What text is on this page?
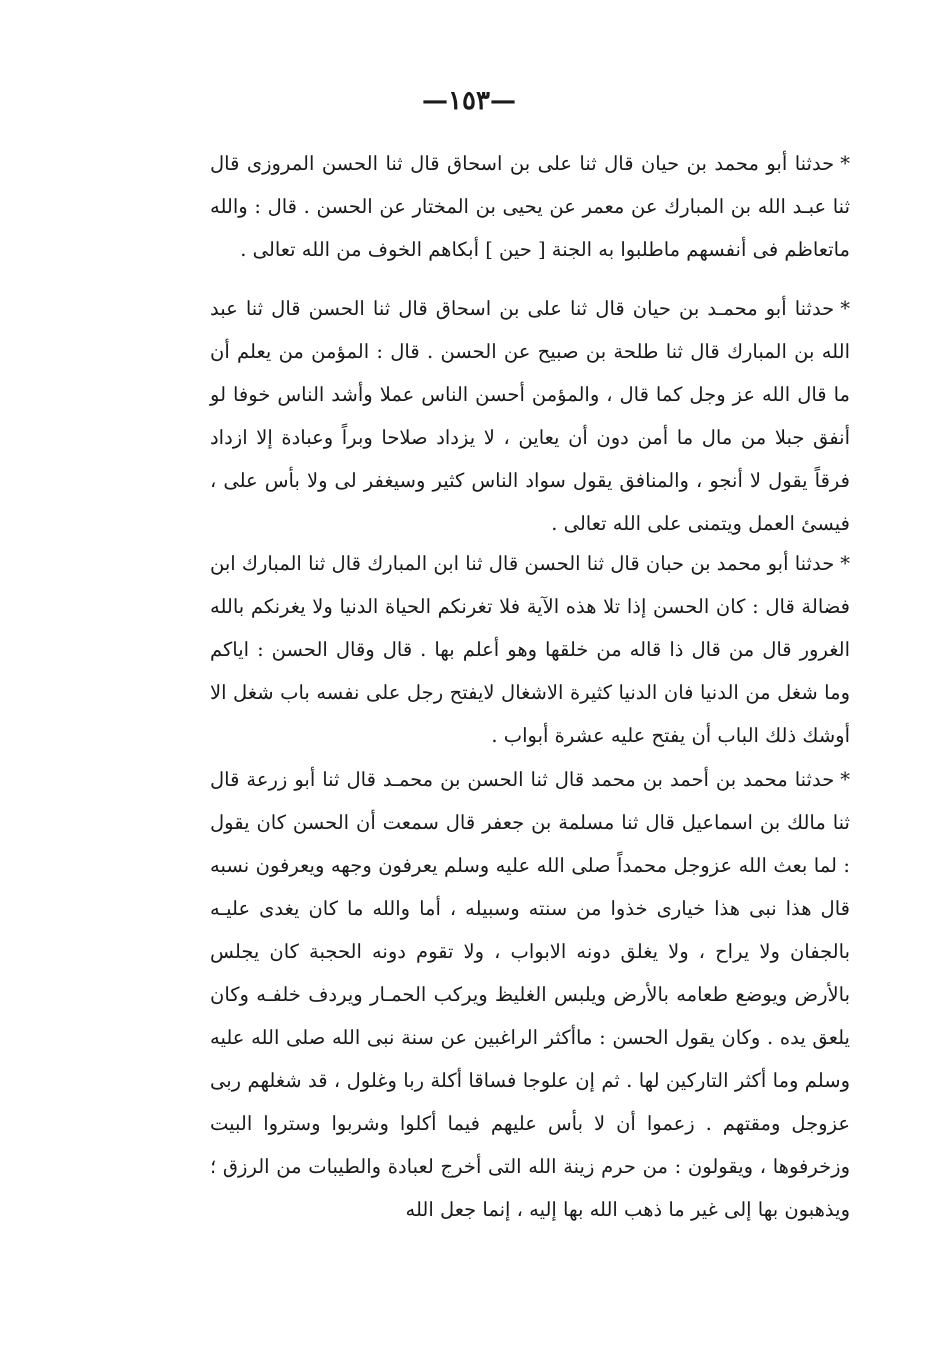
—١٥٣—

*حدثنا أبو محمد بن حيان قال ثنا على بن اسحاق قال ثنا الحسن المروزى قال ثنا عبـد الله بن المبارك عن معمر عن يحيى بن المختار عن الحسن . قال : والله ماتعاظم فى أنفسهم ماطلبوا به الجنة [ حين ] أبكاهم الخوف من الله تعالى .

*حدثنا أبو محمـد بن حيان قال ثنا على بن اسحاق قال ثنا الحسن قال ثنا عبد الله بن المبارك قال ثنا طلحة بن صبيح عن الحسن . قال : المؤمن من يعلم أن ما قال الله عز وجل كما قال ، والمؤمن أحسن الناس عملا وأشد الناس خوفا لو أنفق جبلا من مال ما أمن دون أن يعاين ، لا يزداد صلاحا وبراً وعبادة إلا ازداد فرقاً يقول لا أنجو ، والمنافق يقول سواد الناس كثير وسيغفر لى ولا بأس على ، فيسئ العمل ويتمنى على الله تعالى .

*حدثنا أبو محمد بن حبان قال ثنا الحسن قال ثنا ابن المبارك قال ثنا المبارك ابن فضالة قال : كان الحسن إذا تلا هذه الآية فلا تغرنكم الحياة الدنيا ولا يغرنكم بالله الغرور قال من قال ذا قاله من خلقها وهو أعلم بها . قال وقال الحسن : اياكم وما شغل من الدنيا فان الدنيا كثيرة الاشغال لايفتح رجل على نفسه باب شغل الا أوشك ذلك الباب أن يفتح عليه عشرة أبواب .

*حدثنا محمد بن أحمد بن محمد قال ثنا الحسن بن محمـد قال ثنا أبو زرعة قال ثنا مالك بن اسماعيل قال ثنا مسلمة بن جعفر قال سمعت أن الحسن كان يقول : لما بعث الله عزوجل محمداً صلى الله عليه وسلم يعرفون وجهه ويعرفون نسبه قال هذا نبى هذا خيارى خذوا من سنته وسبيله ، أما والله ما كان يغدى عليـه بالجفان ولا يراح ، ولا يغلق دونه الابواب ، ولا تقوم دونه الحجبة كان يجلس بالأرض ويوضع طعامه بالأرض ويلبس الغليظ ويركب الحمـار ويردف خلفـه وكان يلعق يده . وكان يقول الحسن : ماأكثر الراغبين عن سنة نبى الله صلى الله عليه وسلم وما أكثر التاركين لها . ثم إن علوجا فساقا أكلة ربا وغلول ، قد شغلهم ربى عزوجل ومقتهم . زعموا أن لا بأس عليهم فيما أكلوا وشربوا وستروا البيت وزخرفوها ، ويقولون : من حرم زينة الله التى أخرج لعبادة والطيبات من الرزق ؛ ويذهبون بها إلى غير ما ذهب الله بها إليه ، إنما جعل الله
